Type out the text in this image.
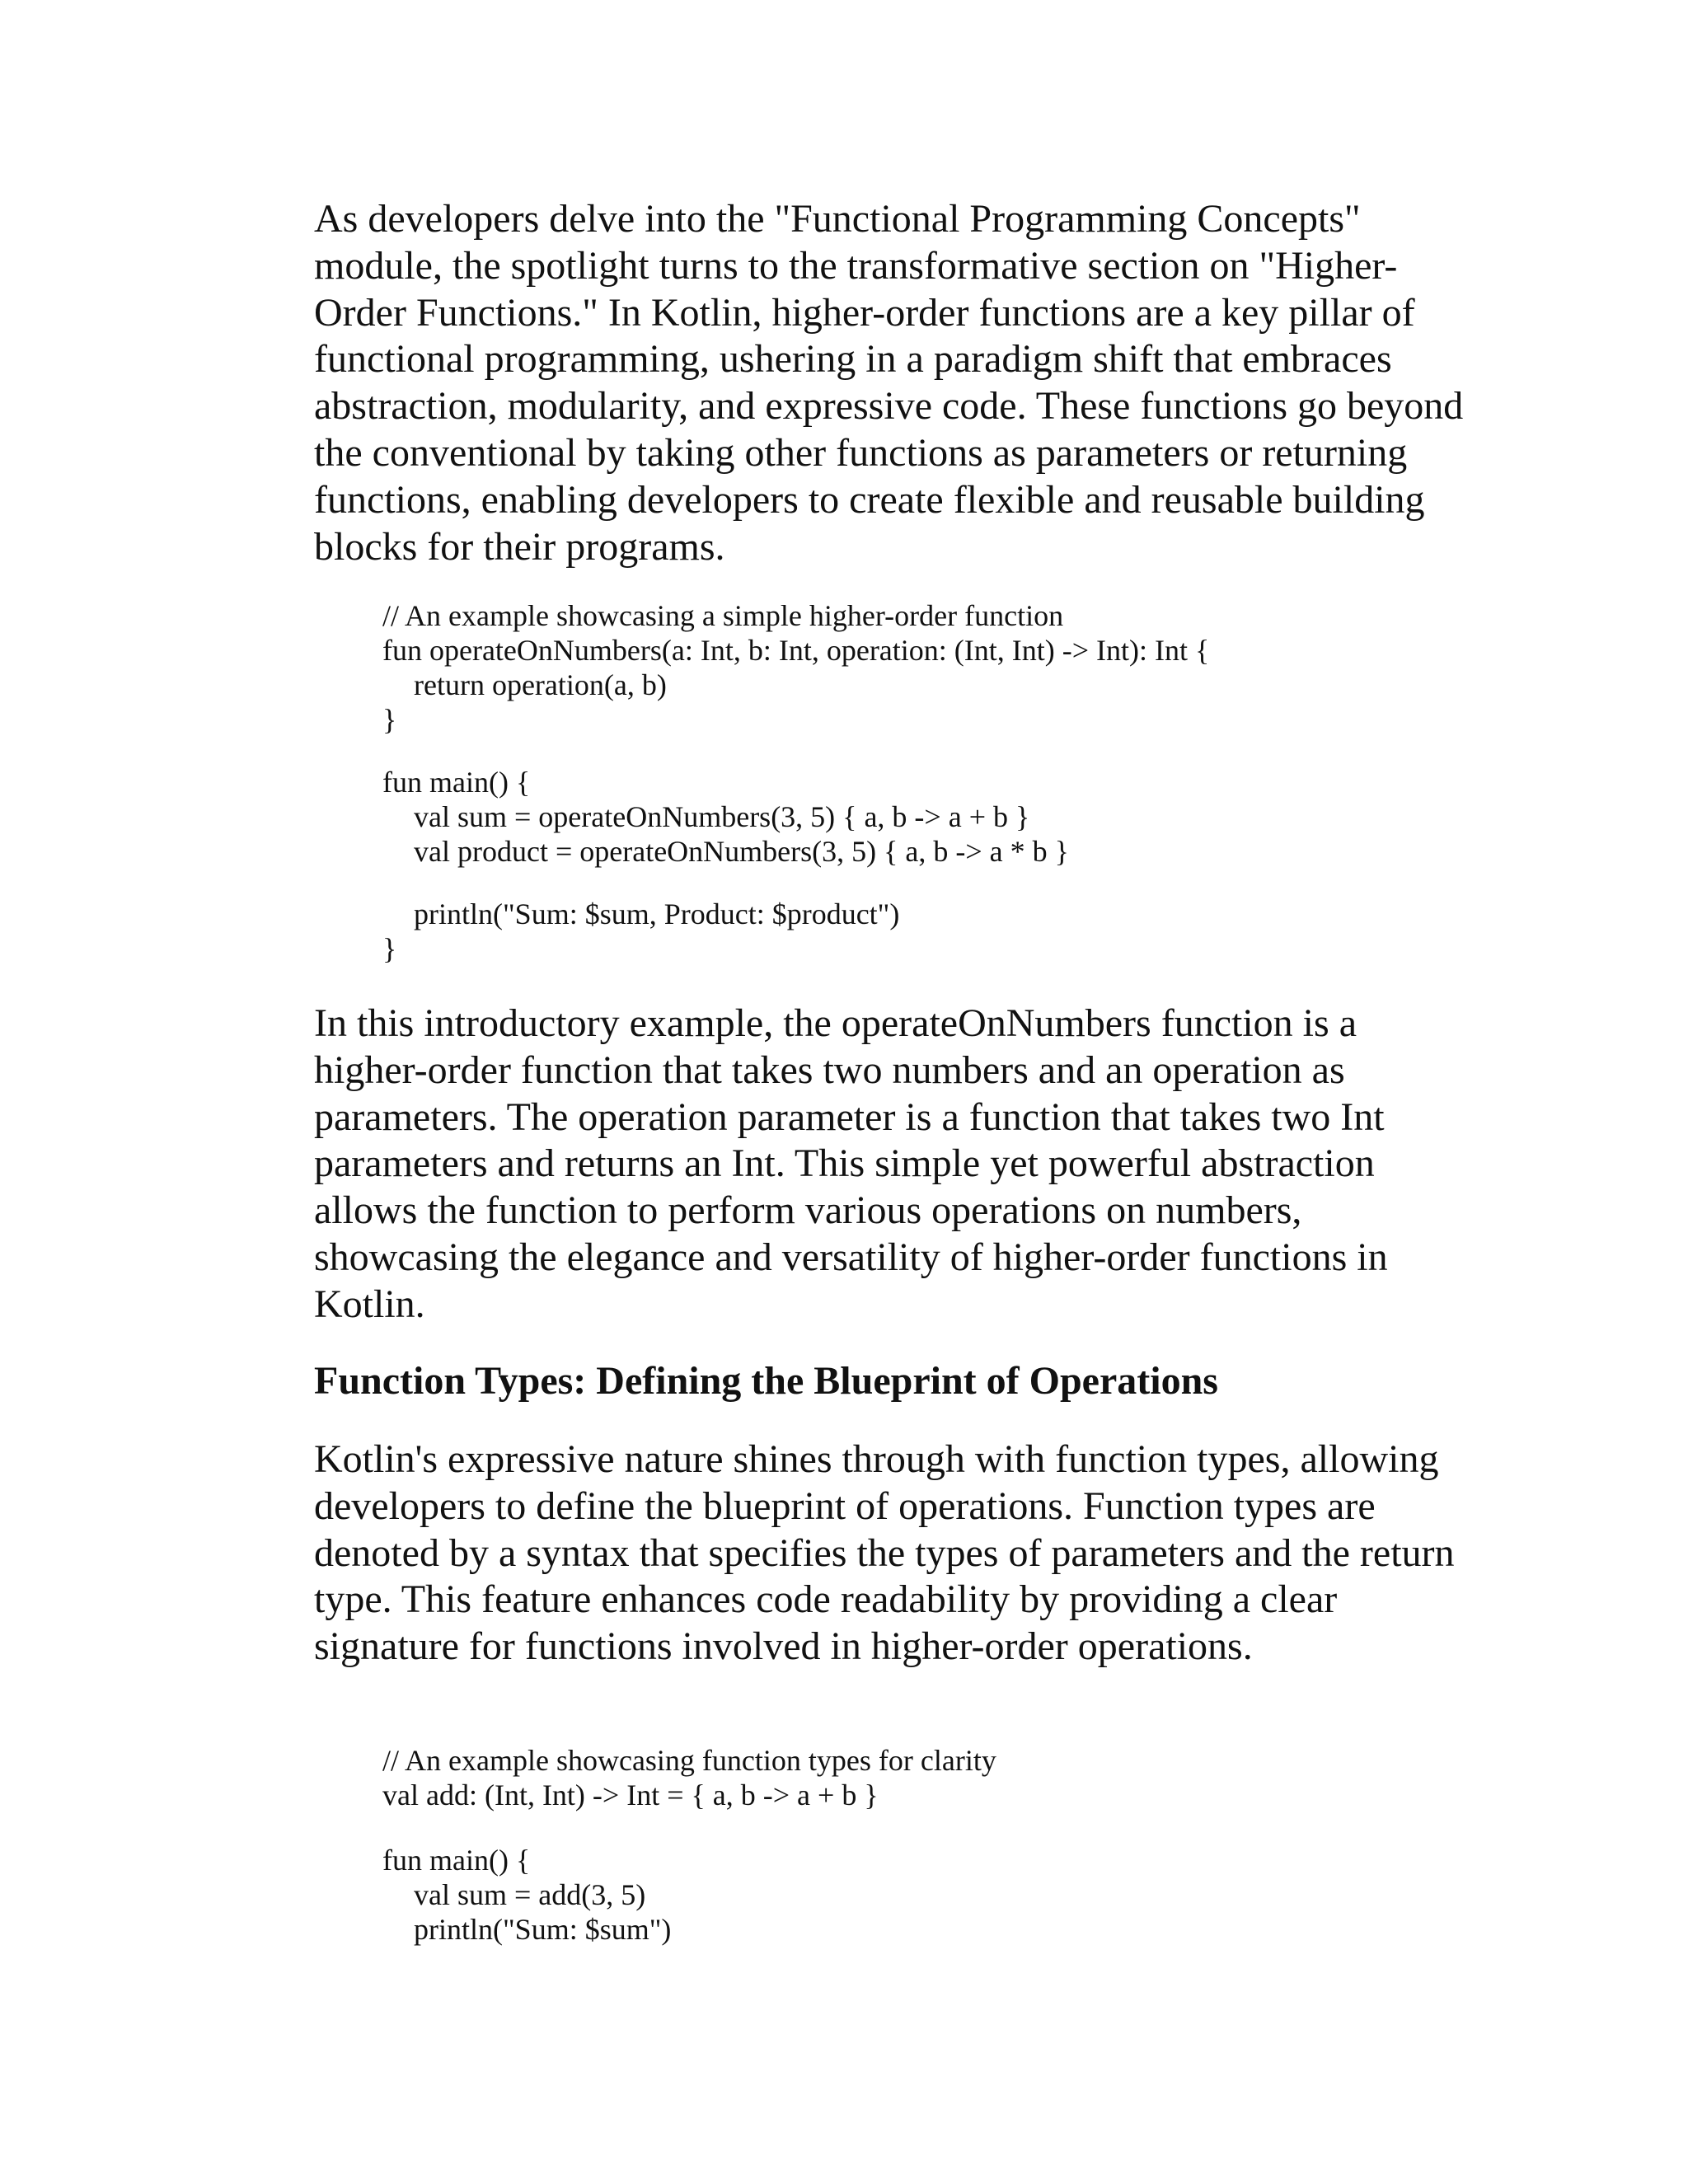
As developers delve into the "Functional Programming Concepts" module, the spotlight turns to the transformative section on "Higher-Order Functions." In Kotlin, higher-order functions are a key pillar of functional programming, ushering in a paradigm shift that embraces abstraction, modularity, and expressive code. These functions go beyond the conventional by taking other functions as parameters or returning functions, enabling developers to create flexible and reusable building blocks for their programs.

// An example showcasing a simple higher-order function
fun operateOnNumbers(a: Int, b: Int, operation: (Int, Int) -> Int): Int {
return operation(a, b)
}
fun main() {
val sum = operateOnNumbers(3, 5) { a, b -> a + b }
val product = operateOnNumbers(3, 5) { a, b -> a * b }
println("Sum: $sum, Product: $product")
}

In this introductory example, the operateOnNumbers function is a higher-order function that takes two numbers and an operation as parameters. The operation parameter is a function that takes two Int parameters and returns an Int. This simple yet powerful abstraction allows the function to perform various operations on numbers, showcasing the elegance and versatility of higher-order functions in Kotlin.

Function Types: Defining the Blueprint of Operations

Kotlin's expressive nature shines through with function types, allowing developers to define the blueprint of operations. Function types are denoted by a syntax that specifies the types of parameters and the return type. This feature enhances code readability by providing a clear signature for functions involved in higher-order operations.

// An example showcasing function types for clarity
val add: (Int, Int) -> Int = { a, b -> a + b }
fun main() {
val sum = add(3, 5)
println("Sum: $sum")
